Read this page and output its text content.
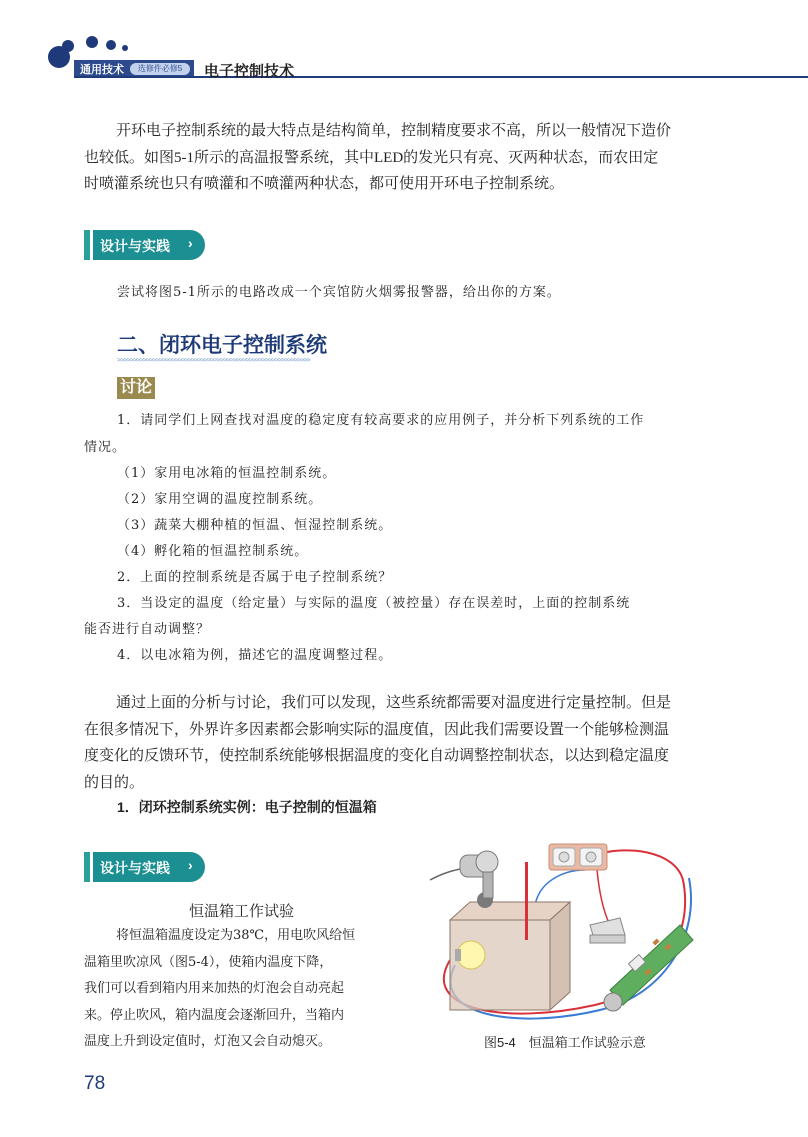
通用技术	选修件必修5	电子控制技术
开环电子控制系统的最大特点是结构简单，控制精度要求不高，所以一般情况下造价
也较低。如图5-1所示的高温报警系统，其中LED的发光只有亮、灭两种状态，而农田定
时喷灌系统也只有喷灌和不喷灌两种状态，都可使用开环电子控制系统。
设计与实践 ›
尝试将图5-1所示的电路改成一个宾馆防火烟雾报警器，给出你的方案。
二、闭环电子控制系统
>>>>>>>>>>>>>>>>>>>>>>>>>>>>>>>>>>>>>>>>>>>>>>>>>>>>>>>>>>>>
讨论
1．请同学们上网查找对温度的稳定度有较高要求的应用例子，并分析下列系统的工作
情况。
（1）家用电冰箱的恒温控制系统。
（2）家用空调的温度控制系统。
（3）蔬菜大棚种植的恒温、恒湿控制系统。
（4）孵化箱的恒温控制系统。
2．上面的控制系统是否属于电子控制系统？
3．当设定的温度（给定量）与实际的温度（被控量）存在误差时，上面的控制系统
能否进行自动调整？
4．以电冰箱为例，描述它的温度调整过程。
通过上面的分析与讨论，我们可以发现，这些系统都需要对温度进行定量控制。但是
在很多情况下，外界许多因素都会影响实际的温度值，因此我们需要设置一个能够检测温
度变化的反馈环节，使控制系统能够根据温度的变化自动调整控制状态，以达到稳定温度
的目的。
1．闭环控制系统实例：电子控制的恒温箱
设计与实践 ›
恒温箱工作试验
将恒温箱温度设定为38℃，用电吹风给恒
温箱里吹凉风（图5-4），使箱内温度下降，
我们可以看到箱内用来加热的灯泡会自动亮起
来。停止吹风，箱内温度会逐渐回升，当箱内
温度上升到设定值时，灯泡又会自动熄灭。	图5-4　恒温箱工作试验示意
78
